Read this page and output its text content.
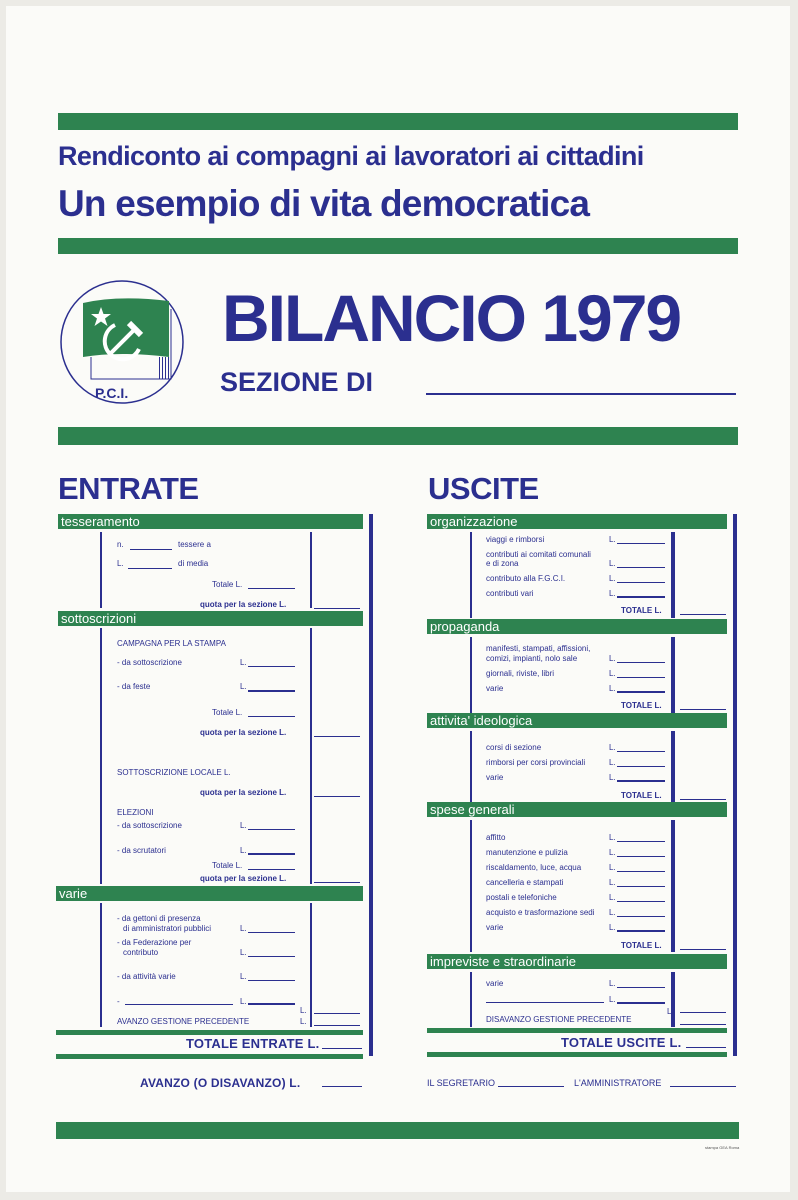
Rendiconto ai compagni ai lavoratori ai cittadini
Un esempio di vita democratica
P.C.I.
BILANCIO 1979
SEZIONE DI
ENTRATE
tesseramento
n.	tessere a
L.	di media
Totale L.
quota per la sezione L.
sottoscrizioni
CAMPAGNA PER LA STAMPA
- da sottoscrizione	L.
- da feste	L.
Totale L.
quota per la sezione L.
SOTTOSCRIZIONE LOCALE L.
quota per la sezione L.
ELEZIONI
- da sottoscrizione	L.
- da scrutatori	L.
Totale L.
quota per la sezione L.
varie
- da gettoni di presenza
di amministratori pubblici	L.
- da Federazione per
contributo	L.
- da attività varie	L.
-	L.
L.
AVANZO GESTIONE PRECEDENTE	L.
TOTALE ENTRATE L.
AVANZO (O DISAVANZO) L.
USCITE
organizzazione
viaggi e rimborsi	L.
contributi ai comitati comunali
e di zona	L.
contributo alla F.G.C.I.	L.
contributi vari	L.
TOTALE L.
propaganda
manifesti, stampati, affissioni,
comizi, impianti, nolo sale	L.
giornali, riviste, libri	L.
varie	L.
TOTALE L.
attivita' ideologica
corsi di sezione	L.
rimborsi per corsi provinciali	L.
varie	L.
TOTALE L.
spese generali
affitto	L.
manutenzione e pulizia	L.
riscaldamento, luce, acqua	L.
cancelleria e stampati	L.
postali e telefoniche	L.
acquisto e trasformazione sedi L.
varie	L.
TOTALE L.
impreviste e straordinarie
varie	L.
L.
L.
DISAVANZO GESTIONE PRECEDENTE
TOTALE USCITE L.
IL SEGRETARIO	L'AMMINISTRATORE
stampa GEA Roma
